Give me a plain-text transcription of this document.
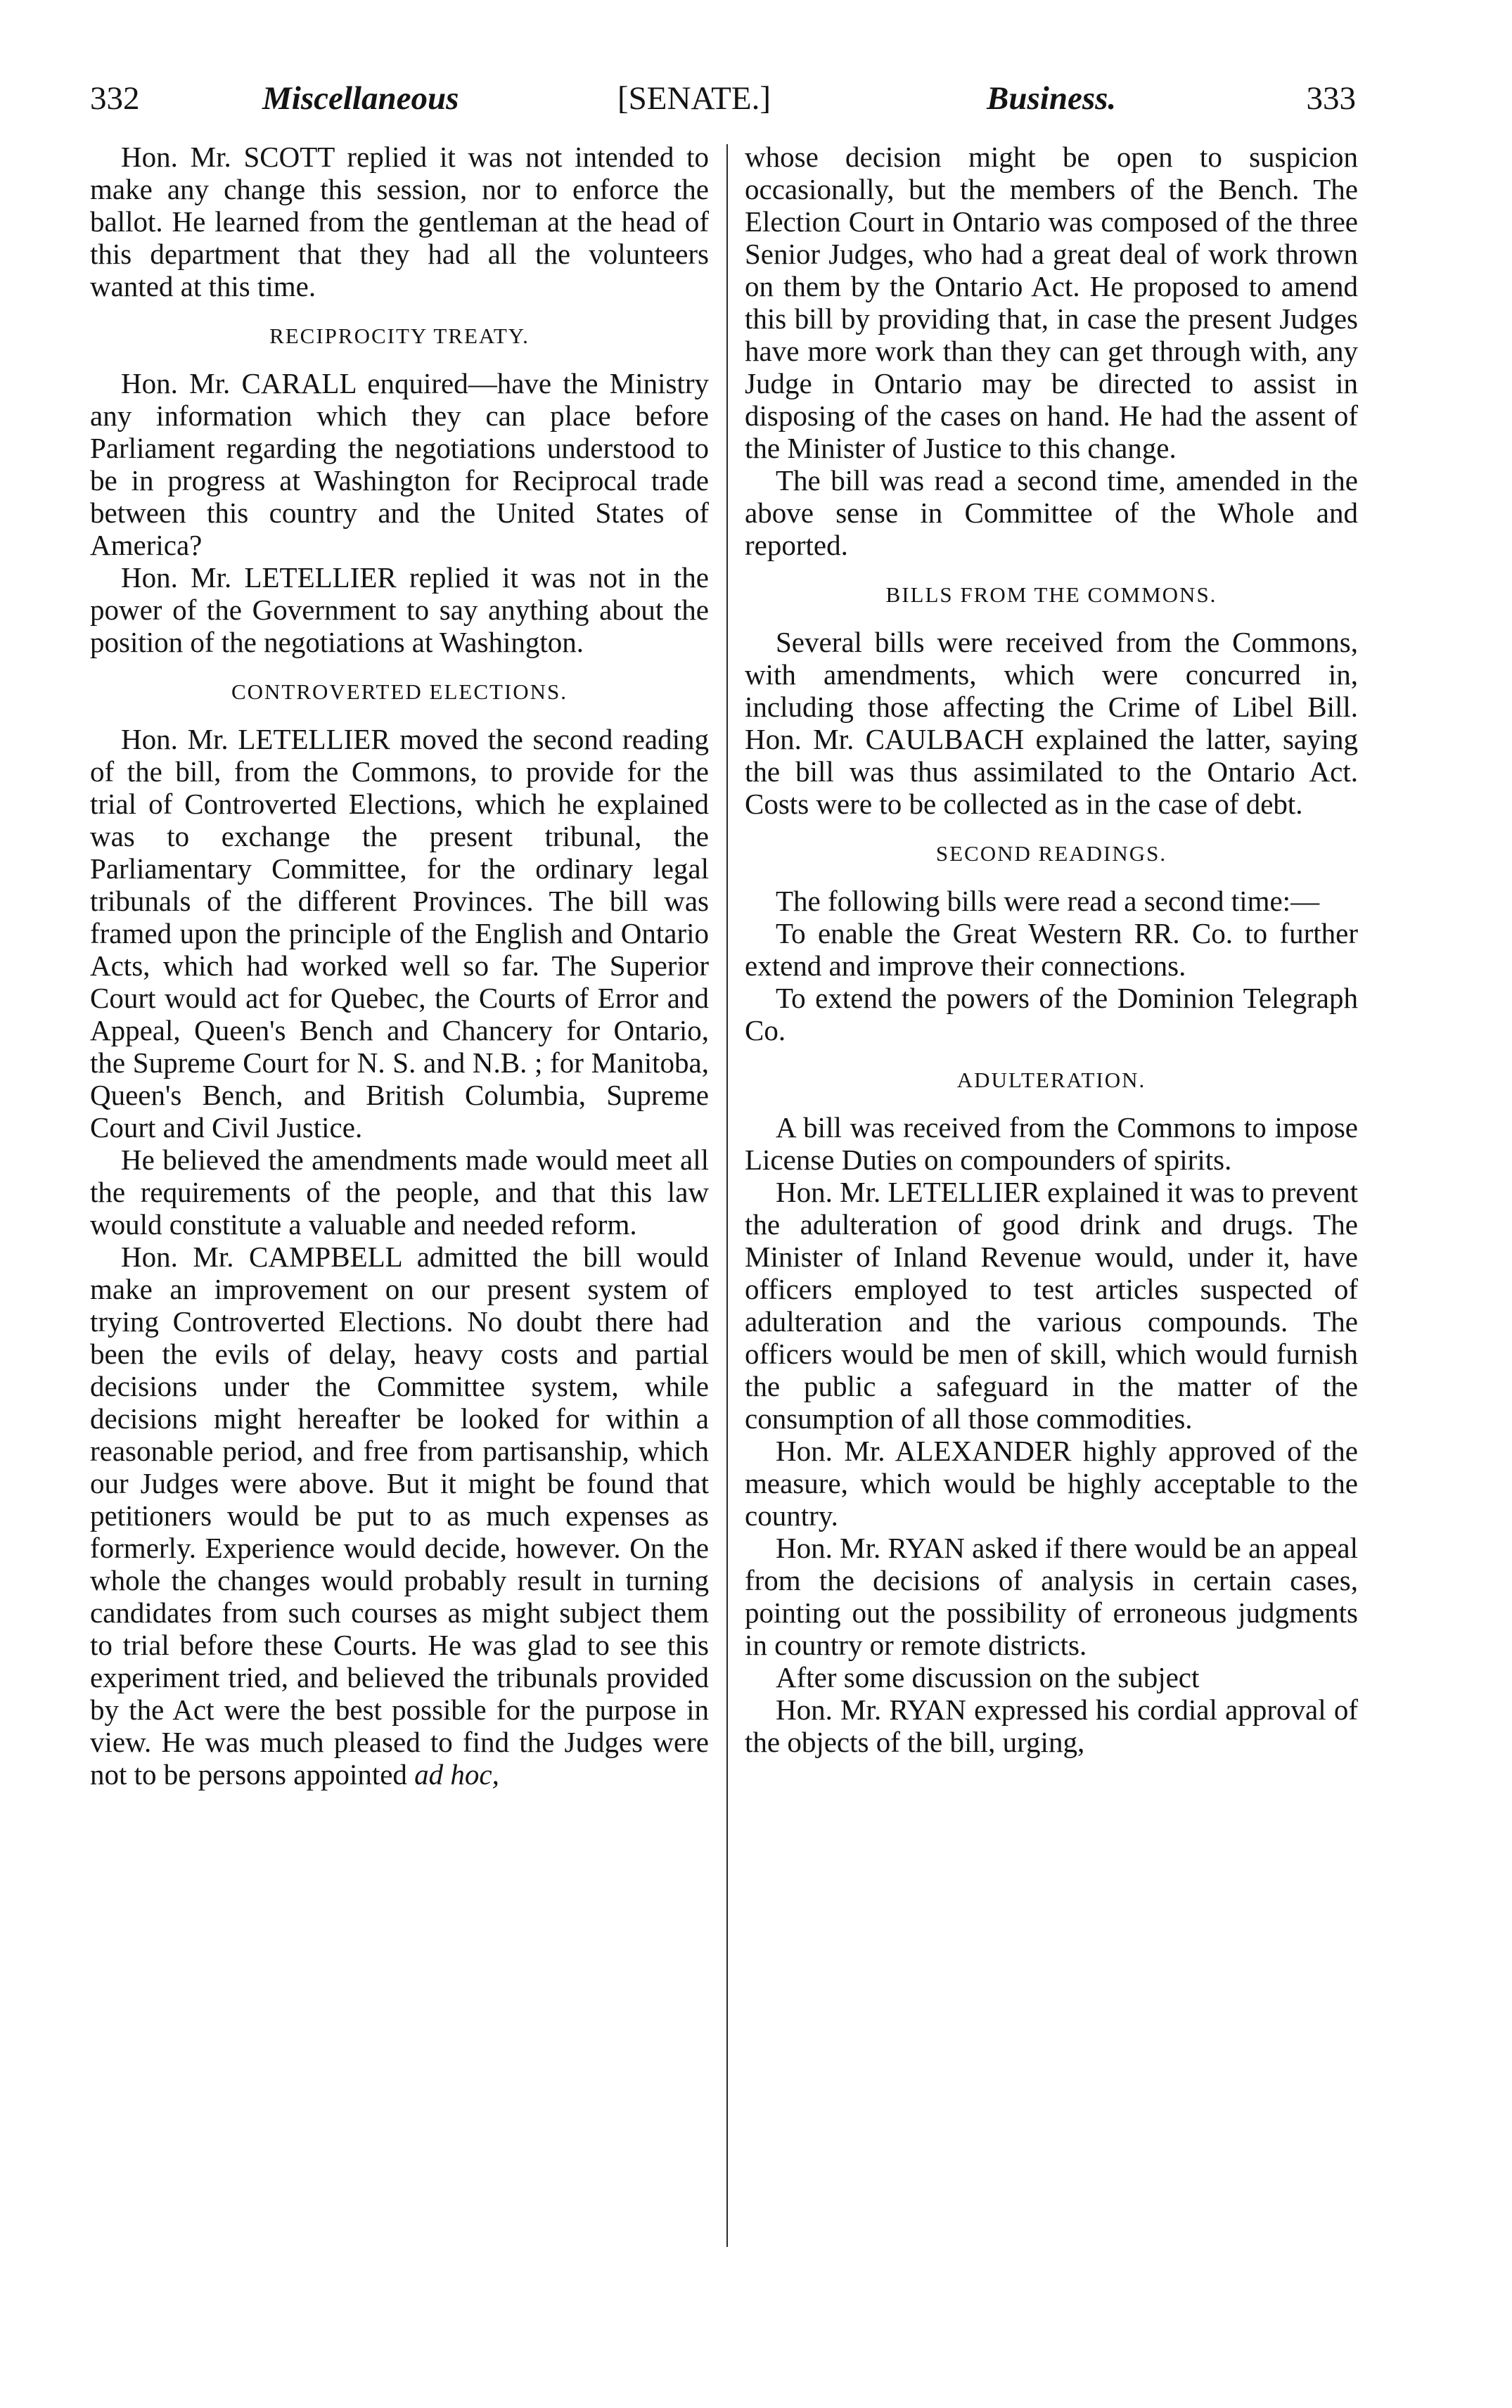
332	Miscellaneous	[SENATE.]	Business.	333

Hon. Mr. SCOTT replied it was not intended to make any change this session, nor to enforce the ballot. He learned from the gentleman at the head of this department that they had all the volunteers wanted at this time.

RECIPROCITY TREATY.

Hon. Mr. CARALL enquired—have the Ministry any information which they can place before Parliament regarding the negotiations understood to be in progress at Washington for Reciprocal trade between this country and the United States of America?

Hon. Mr. LETELLIER replied it was not in the power of the Government to say anything about the position of the negotiations at Washington.

CONTROVERTED ELECTIONS.

Hon. Mr. LETELLIER moved the second reading of the bill, from the Commons, to provide for the trial of Controverted Elections, which he explained was to exchange the present tribunal, the Parliamentary Committee, for the ordinary legal tribunals of the different Provinces. The bill was framed upon the principle of the English and Ontario Acts, which had worked well so far. The Superior Court would act for Quebec, the Courts of Error and Appeal, Queen's Bench and Chancery for Ontario, the Supreme Court for N. S. and N.B. ; for Manitoba, Queen's Bench, and British Columbia, Supreme Court and Civil Justice.

He believed the amendments made would meet all the requirements of the people, and that this law would constitute a valuable and needed reform.

Hon. Mr. CAMPBELL admitted the bill would make an improvement on our present system of trying Controverted Elections. No doubt there had been the evils of delay, heavy costs and partial decisions under the Committee system, while decisions might hereafter be looked for within a reasonable period, and free from partisanship, which our Judges were above. But it might be found that petitioners would be put to as much expenses as formerly. Experience would decide, however. On the whole the changes would probably result in turning candidates from such courses as might subject them to trial before these Courts. He was glad to see this experiment tried, and believed the tribunals provided by the Act were the best possible for the purpose in view. He was much pleased to find the Judges were not to be persons appointed ad hoc,

whose decision might be open to suspicion occasionally, but the members of the Bench. The Election Court in Ontario was composed of the three Senior Judges, who had a great deal of work thrown on them by the Ontario Act. He proposed to amend this bill by providing that, in case the present Judges have more work than they can get through with, any Judge in Ontario may be directed to assist in disposing of the cases on hand. He had the assent of the Minister of Justice to this change.

The bill was read a second time, amended in the above sense in Committee of the Whole and reported.

BILLS FROM THE COMMONS.

Several bills were received from the Commons, with amendments, which were concurred in, including those affecting the Crime of Libel Bill. Hon. Mr. CAULBACH explained the latter, saying the bill was thus assimilated to the Ontario Act. Costs were to be collected as in the case of debt.

SECOND READINGS.

The following bills were read a second time:—

To enable the Great Western RR. Co. to further extend and improve their connections.

To extend the powers of the Dominion Telegraph Co.

ADULTERATION.

A bill was received from the Commons to impose License Duties on compounders of spirits.

Hon. Mr. LETELLIER explained it was to prevent the adulteration of good drink and drugs. The Minister of Inland Revenue would, under it, have officers employed to test articles suspected of adulteration and the various compounds. The officers would be men of skill, which would furnish the public a safeguard in the matter of the consumption of all those commodities.

Hon. Mr. ALEXANDER highly approved of the measure, which would be highly acceptable to the country.

Hon. Mr. RYAN asked if there would be an appeal from the decisions of analysis in certain cases, pointing out the possibility of erroneous judgments in country or remote districts.

After some discussion on the subject

Hon. Mr. RYAN expressed his cordial approval of the objects of the bill, urging,
